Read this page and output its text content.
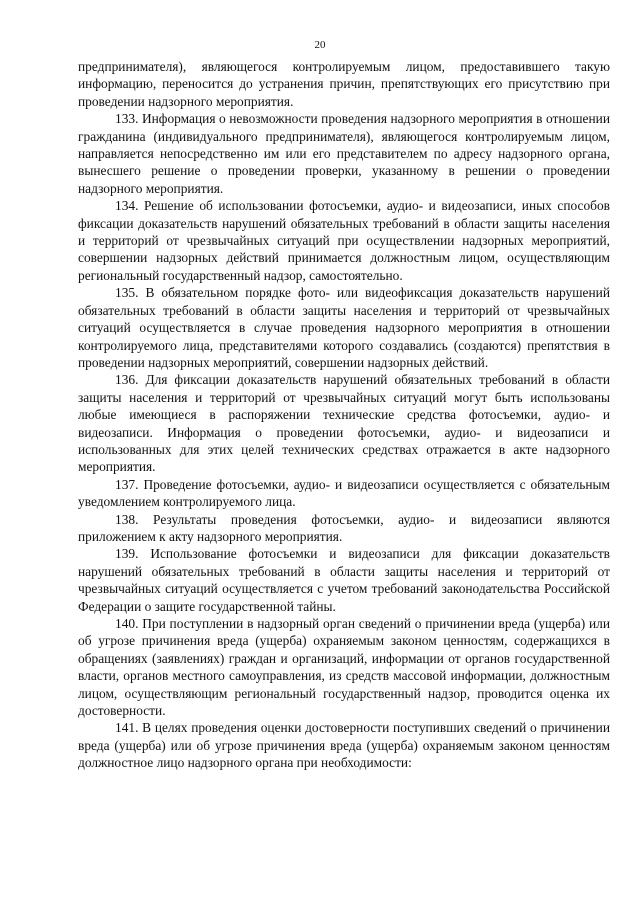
20

предпринимателя), являющегося контролируемым лицом, предоставившего такую информацию, переносится до устранения причин, препятствующих его присутствию при проведении надзорного мероприятия.

133. Информация о невозможности проведения надзорного мероприятия в отношении гражданина (индивидуального предпринимателя), являющегося контролируемым лицом, направляется непосредственно им или его представителем по адресу надзорного органа, вынесшего решение о проведении проверки, указанному в решении о проведении надзорного мероприятия.

134. Решение об использовании фотосъемки, аудио- и видеозаписи, иных способов фиксации доказательств нарушений обязательных требований в области защиты населения и территорий от чрезвычайных ситуаций при осуществлении надзорных мероприятий, совершении надзорных действий принимается должностным лицом, осуществляющим региональный государственный надзор, самостоятельно.

135. В обязательном порядке фото- или видеофиксация доказательств нарушений обязательных требований в области защиты населения и территорий от чрезвычайных ситуаций осуществляется в случае проведения надзорного мероприятия в отношении контролируемого лица, представителями которого создавались (создаются) препятствия в проведении надзорных мероприятий, совершении надзорных действий.

136. Для фиксации доказательств нарушений обязательных требований в области защиты населения и территорий от чрезвычайных ситуаций могут быть использованы любые имеющиеся в распоряжении технические средства фотосъемки, аудио- и видеозаписи. Информация о проведении фотосъемки, аудио- и видеозаписи и использованных для этих целей технических средствах отражается в акте надзорного мероприятия.

137. Проведение фотосъемки, аудио- и видеозаписи осуществляется с обязательным уведомлением контролируемого лица.

138. Результаты проведения фотосъемки, аудио- и видеозаписи являются приложением к акту надзорного мероприятия.

139. Использование фотосъемки и видеозаписи для фиксации доказательств нарушений обязательных требований в области защиты населения и территорий от чрезвычайных ситуаций осуществляется с учетом требований законодательства Российской Федерации о защите государственной тайны.

140. При поступлении в надзорный орган сведений о причинении вреда (ущерба) или об угрозе причинения вреда (ущерба) охраняемым законом ценностям, содержащихся в обращениях (заявлениях) граждан и организаций, информации от органов государственной власти, органов местного самоуправления, из средств массовой информации, должностным лицом, осуществляющим региональный государственный надзор, проводится оценка их достоверности.

141. В целях проведения оценки достоверности поступивших сведений о причинении вреда (ущерба) или об угрозе причинения вреда (ущерба) охраняемым законом ценностям должностное лицо надзорного органа при необходимости:
